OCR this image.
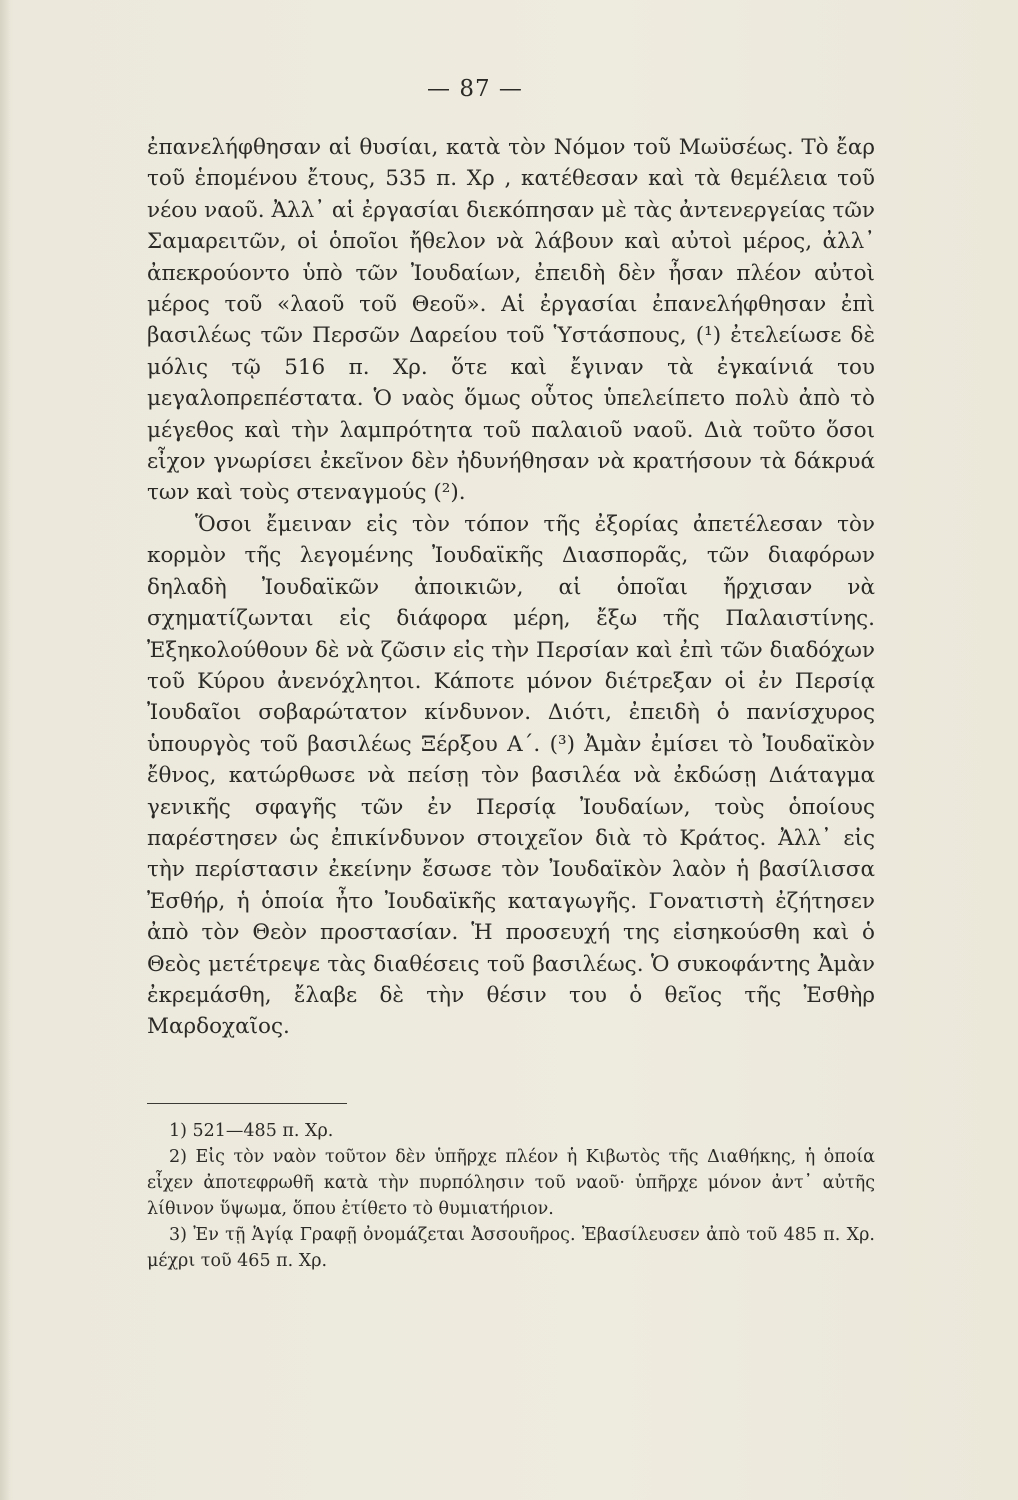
— 87 —

ἐπανελήφθησαν αἱ θυσίαι, κατὰ τὸν Νόμον τοῦ Μωϋσέως. Τὸ ἔαρ τοῦ ἑπομένου ἔτους, 535 π. Χρ , κατέθεσαν καὶ τὰ θεμέλεια τοῦ νέου ναοῦ. Ἀλλ᾽ αἱ ἐργασίαι διεκόπησαν μὲ τὰς ἀντενεργείας τῶν Σαμαρειτῶν, οἱ ὁποῖοι ἤθελον νὰ λάβουν καὶ αὐτοὶ μέρος, ἀλλ᾽ ἀπεκρούοντο ὑπὸ τῶν Ἰουδαίων, ἐπειδὴ δὲν ἦσαν πλέον αὐτοὶ μέρος τοῦ «λαοῦ τοῦ Θεοῦ». Αἱ ἐργασίαι ἐπανελήφθησαν ἐπὶ βασιλέως τῶν Περσῶν Δαρείου τοῦ Ὑστάσπους, (¹) ἐτελείωσε δὲ μόλις τῷ 516 π. Χρ. ὅτε καὶ ἔγιναν τὰ ἐγκαίνιά του μεγαλοπρεπέστατα. Ὁ ναὸς ὅμως οὗτος ὑπελείπετο πολὺ ἀπὸ τὸ μέγεθος καὶ τὴν λαμπρότητα τοῦ παλαιοῦ ναοῦ. Διὰ τοῦτο ὅσοι εἶχον γνωρίσει ἐκεῖνον δὲν ἠδυνήθησαν νὰ κρατήσουν τὰ δάκρυά των καὶ τοὺς στεναγμούς (²).

Ὅσοι ἔμειναν εἰς τὸν τόπον τῆς ἐξορίας ἀπετέλεσαν τὸν κορμὸν τῆς λεγομένης Ἰουδαϊκῆς Διασπορᾶς, τῶν διαφόρων δηλαδὴ Ἰουδαϊκῶν ἀποικιῶν, αἱ ὁποῖαι ἤρχισαν νὰ σχηματίζωνται εἰς διάφορα μέρη, ἔξω τῆς Παλαιστίνης. Ἐξηκολούθουν δὲ νὰ ζῶσιν εἰς τὴν Περσίαν καὶ ἐπὶ τῶν διαδόχων τοῦ Κύρου ἀνενόχλητοι. Κάποτε μόνον διέτρεξαν οἱ ἐν Περσίᾳ Ἰουδαῖοι σοβαρώτατον κίνδυνον. Διότι, ἐπειδὴ ὁ πανίσχυρος ὑπουργὸς τοῦ βασιλέως Ξέρξου Α΄. (³) Ἀμὰν ἐμίσει τὸ Ἰουδαϊκὸν ἔθνος, κατώρθωσε νὰ πείσῃ τὸν βασιλέα νὰ ἐκδώσῃ Διάταγμα γενικῆς σφαγῆς τῶν ἐν Περσίᾳ Ἰουδαίων, τοὺς ὁποίους παρέστησεν ὡς ἐπικίνδυνον στοιχεῖον διὰ τὸ Κράτος. Ἀλλ᾽ εἰς τὴν περίστασιν ἐκείνην ἔσωσε τὸν Ἰουδαϊκὸν λαὸν ἡ βασίλισσα Ἐσθήρ, ἡ ὁποία ἦτο Ἰουδαϊκῆς καταγωγῆς. Γονατιστὴ ἐζήτησεν ἀπὸ τὸν Θεὸν προστασίαν. Ἡ προσευχή της εἰσηκούσθη καὶ ὁ Θεὸς μετέτρεψε τὰς διαθέσεις τοῦ βασιλέως. Ὁ συκοφάντης Ἀμὰν ἐκρεμάσθη, ἔλαβε δὲ τὴν θέσιν του ὁ θεῖος τῆς Ἐσθὴρ Μαρδοχαῖος.

1) 521—485 π. Χρ.

2) Εἰς τὸν ναὸν τοῦτον δὲν ὑπῆρχε πλέον ἡ Κιβωτὸς τῆς Διαθήκης, ἡ ὁποία εἶχεν ἀποτεφρωθῆ κατὰ τὴν πυρπόλησιν τοῦ ναοῦ· ὑπῆρχε μόνον ἀντ᾽ αὐτῆς λίθινον ὕψωμα, ὅπου ἐτίθετο τὸ θυμιατήριον.

3) Ἐν τῇ Ἁγίᾳ Γραφῇ ὀνομάζεται Ἀσσουῆρος. Ἐβασίλευσεν ἀπὸ τοῦ 485 π. Χρ. μέχρι τοῦ 465 π. Χρ.
